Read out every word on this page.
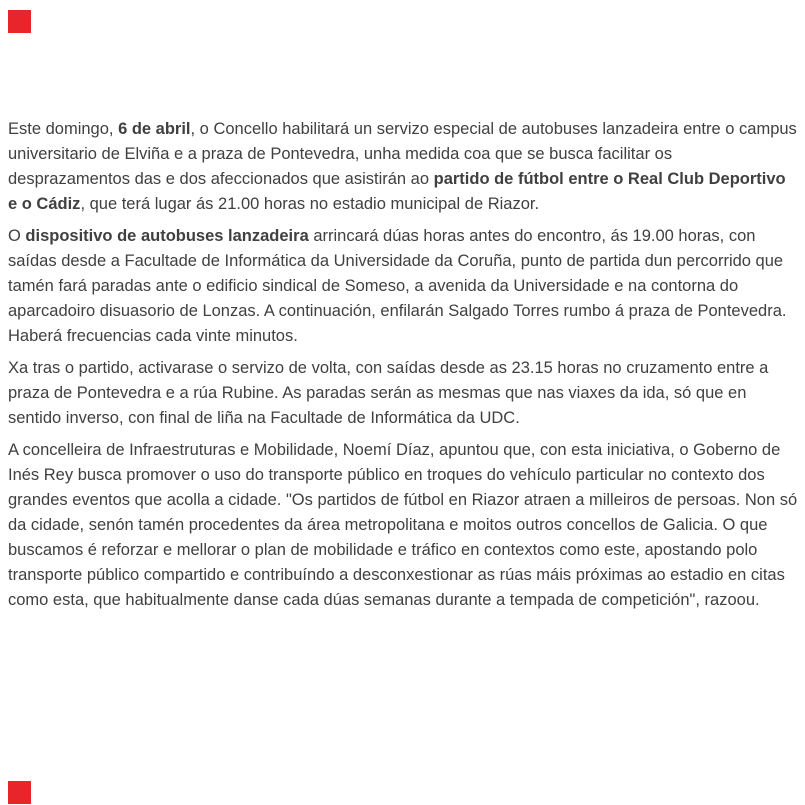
Este domingo, 6 de abril, o Concello habilitará un servizo especial de autobuses lanzadeira entre o campus universitario de Elviña e a praza de Pontevedra, unha medida coa que se busca facilitar os desprazamentos das e dos afeccionados que asistirán ao partido de fútbol entre o Real Club Deportivo e o Cádiz, que terá lugar ás 21.00 horas no estadio municipal de Riazor.

O dispositivo de autobuses lanzadeira arrincará dúas horas antes do encontro, ás 19.00 horas, con saídas desde a Facultade de Informática da Universidade da Coruña, punto de partida dun percorrido que tamén fará paradas ante o edificio sindical de Someso, a avenida da Universidade e na contorna do aparcadoiro disuasorio de Lonzas. A continuación, enfilarán Salgado Torres rumbo á praza de Pontevedra. Haberá frecuencias cada vinte minutos.

Xa tras o partido, activarase o servizo de volta, con saídas desde as 23.15 horas no cruzamento entre a praza de Pontevedra e a rúa Rubine. As paradas serán as mesmas que nas viaxes da ida, só que en sentido inverso, con final de liña na Facultade de Informática da UDC.

A concelleira de Infraestruturas e Mobilidade, Noemí Díaz, apuntou que, con esta iniciativa, o Goberno de Inés Rey busca promover o uso do transporte público en troques do vehículo particular no contexto dos grandes eventos que acolla a cidade. "Os partidos de fútbol en Riazor atraen a milleiros de persoas. Non só da cidade, senón tamén procedentes da área metropolitana e moitos outros concellos de Galicia. O que buscamos é reforzar e mellorar o plan de mobilidade e tráfico en contextos como este, apostando polo transporte público compartido e contribuíndo a desconxestionar as rúas máis próximas ao estadio en citas como esta, que habitualmente danse cada dúas semanas durante a tempada de competición", razoou.
